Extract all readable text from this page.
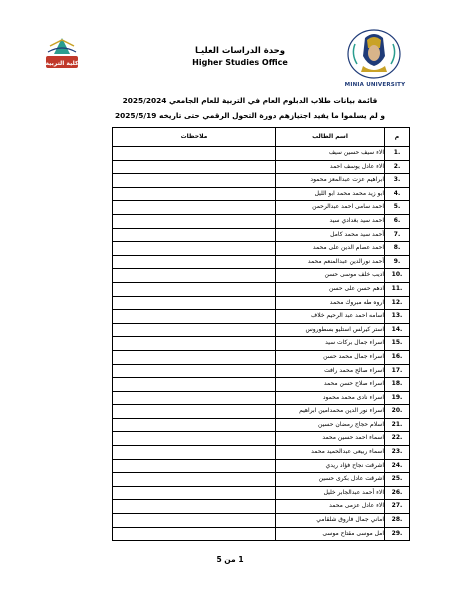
MINIA UNIVERSITY
وحدة الدراسات العليـا
Higher Studies Office
كلية التربية
قائمة بيانات طلاب الدبلوم العام في التربية للعام الجامعي 2025/2024
و لم يسلموا ما يفيد اجتيازهم دورة التحول الرقمي حتى تاريخه 2025/5/19
م	اسم الطالب	ملاحظات
1.	الاء سيف حسين سيف	
2.	الاء عادل يوسف احمد	
3.	ابراهيم عزت عبدالمعز محمود	
4.	ابو زيد محمد محمد ابو الليل	
5.	احمد سامى احمد عبدالرحمن	
6.	احمد سيد بغدادي سيد	
7.	أحمد سيد محمد كامل	
8.	احمد عصام الدين على محمد	
9.	أحمد نورالدين عبدالمنعم محمد	
10.	ادیب خلف موسی حسن	
11.	ادهم حسن على حسن	
12.	اروه طه مبروك محمد	
13.	اسامه احمد عبد الرحيم خلاف	
14.	استر كيرلس استليو بسطوروس	
15.	اسراء جمال بركات سيد	
16.	اسراء جمال محمد حسن	
17.	اسراء صالح محمد رافت	
18.	اسراء صلاح حسن محمد	
19.	اسراء نادى محمد محمود	
20.	اسراء نور الدين محمدامين ابراهيم	
21.	اسلام حجاج رمضان حسين	
22.	اسماء احمد حسين محمد	
23.	اسماء ربيعى عبدالحميد محمد	
24.	اشرقت نجاح فؤاد ريدي	
25.	اشرقت عادل بكرى حسين	
26.	الاء أحمد عبدالجابر خليل	
27.	الاء عادل عزمى محمد	
28.	اماني جمال فاروق شلقامي	
29.	امل موسى مقتاح موسى	
1 من 5
